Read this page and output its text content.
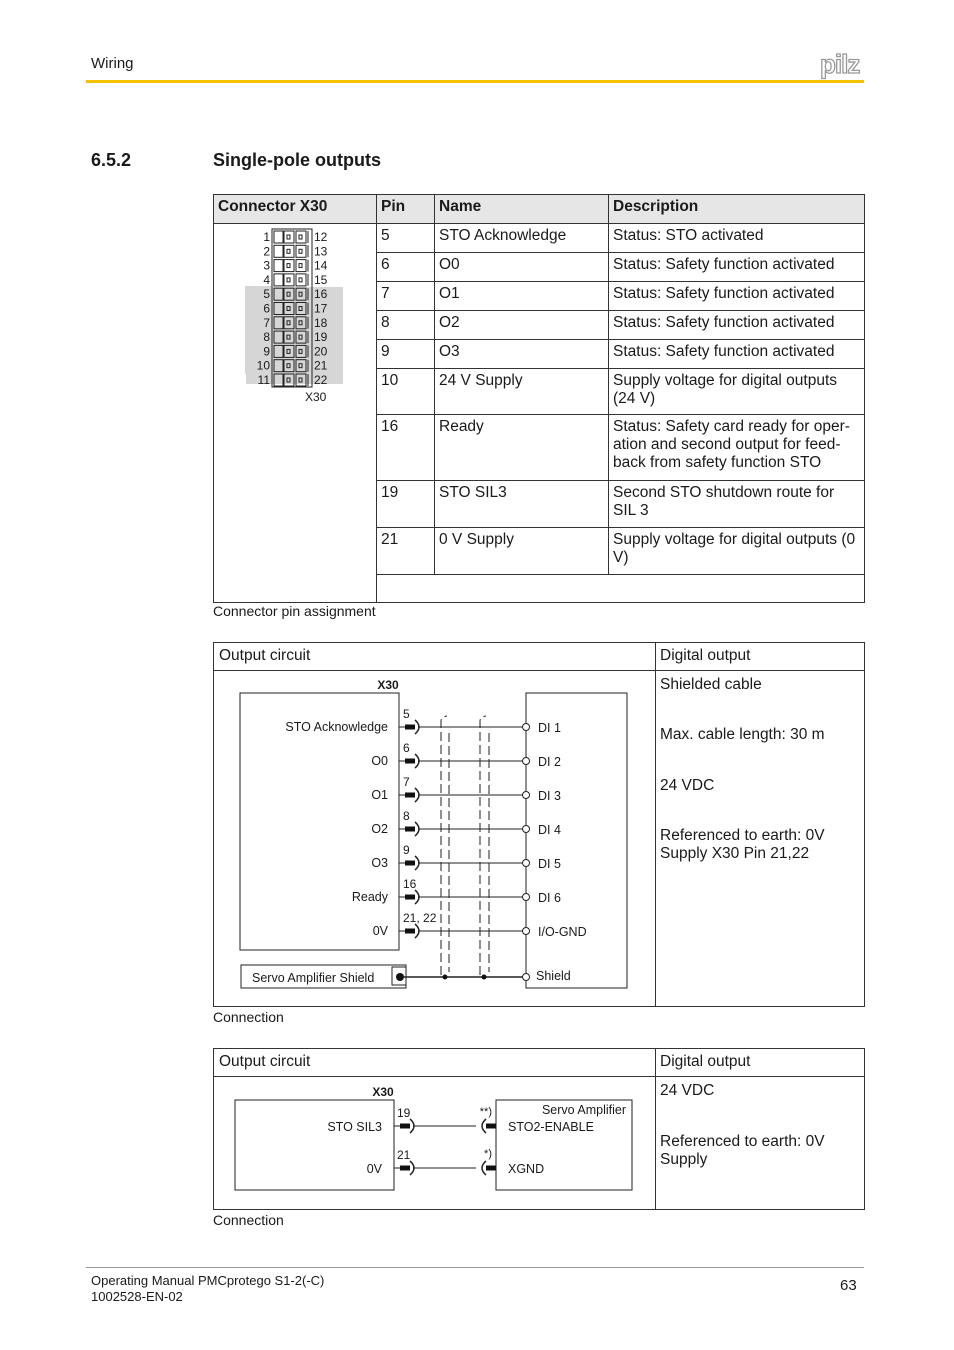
Wiring	pilz
6.5.2	Single-pole outputs
Connector X30	Pin	Name	Description
	5	STO Acknowledge	Status: STO activated
	6	O0	Status: Safety function activated
	7	O1	Status: Safety function activated
	8	O2	Status: Safety function activated
	9	O3	Status: Safety function activated
	10	24 V Supply	Supply voltage for digital outputs (24 V)
	16	Ready	Status: Safety card ready for oper-ation and second output for feed-back from safety function STO
	19	STO SIL3	Second STO shutdown route for SIL 3
	21	0 V Supply	Supply voltage for digital outputs (0 V)

Connector pin assignment
Output circuit	Digital output
Shielded cable
Max. cable length: 30 m
24 VDC
Referenced to earth: 0V Supply X30 Pin 21,22
Connection
Output circuit	Digital output
24 VDC
Referenced to earth: 0V Supply
Connection
1	12
2	13
3	14
4	15
5	16
6	17
7	18
8	19
9	20
10	21
11	22
X30
X30
STO Acknowledge
5
DI 1
O0
6
DI 2
O1
7
DI 3
O2
8
DI 4
O3
9
DI 5
Ready
16
DI 6
0V
21, 22
I/O-GND
Servo Amplifier Shield	Shield
X30
Servo Amplifier
STO SIL3
19	**)
STO2-ENABLE
0V
21	*)
XGND
Operating Manual PMCprotego S1-2(-C)
1002528-EN-02
63
